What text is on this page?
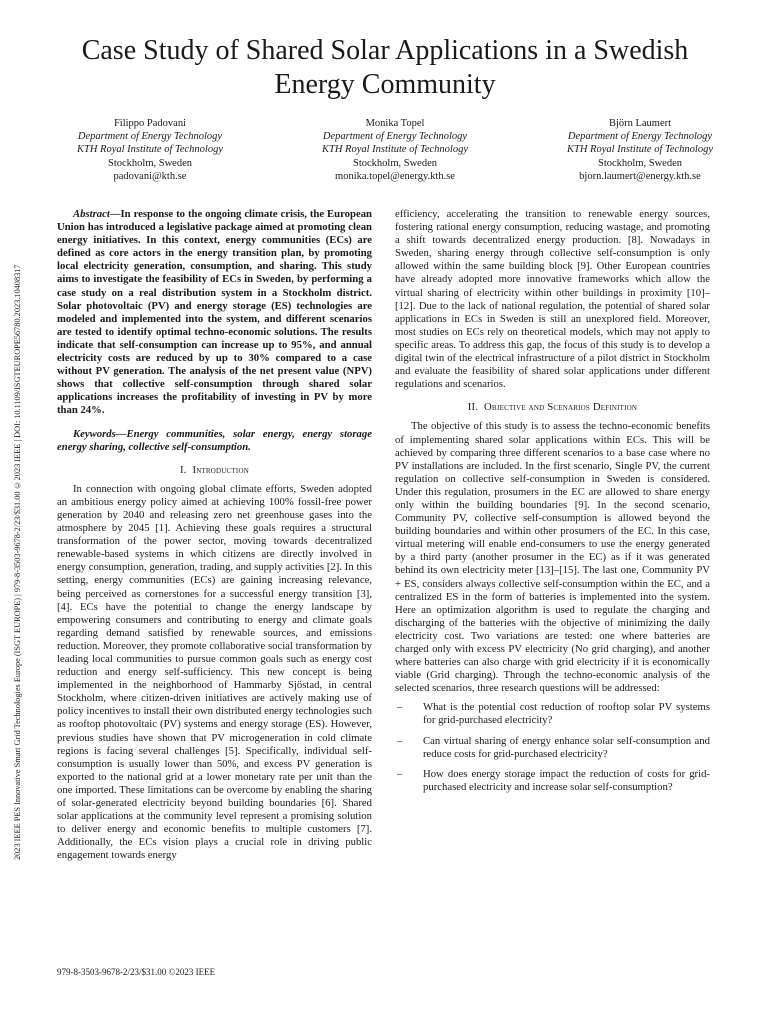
2023 IEEE PES Innovative Smart Grid Technologies Europe (ISGT EUROPE) | 979-8-3503-9678-2/23/$31.00 ©2023 IEEE | DOI: 10.1109/ISGTEUROPE56780.2023.10408317
Case Study of Shared Solar Applications in a Swedish Energy Community
Filippo Padovani
Department of Energy Technology
KTH Royal Institute of Technology
Stockholm, Sweden
padovani@kth.se
Monika Topel
Department of Energy Technology
KTH Royal Institute of Technology
Stockholm, Sweden
monika.topel@energy.kth.se
Björn Laumert
Department of Energy Technology
KTH Royal Institute of Technology
Stockholm, Sweden
bjorn.laumert@energy.kth.se

Abstract—In response to the ongoing climate crisis, the European Union has introduced a legislative package aimed at promoting clean energy initiatives. In this context, energy communities (ECs) are defined as core actors in the energy transition plan, by promoting local electricity generation, consumption, and sharing. This study aims to investigate the feasibility of ECs in Sweden, by performing a case study on a real distribution system in a Stockholm district. Solar photovoltaic (PV) and energy storage (ES) technologies are modeled and implemented into the system, and different scenarios are tested to identify optimal techno-economic solutions. The results indicate that self-consumption can increase up to 95%, and annual electricity costs are reduced by up to 30% compared to a case without PV generation. The analysis of the net present value (NPV) shows that collective self-consumption through shared solar applications increases the profitability of investing in PV by more than 24%.

Keywords—Energy communities, solar energy, energy storage energy sharing, collective self-consumption.

I. Introduction

In connection with ongoing global climate efforts, Sweden adopted an ambitious energy policy aimed at achieving 100% fossil-free power generation by 2040 and releasing zero net greenhouse gases into the atmosphere by 2045 [1]. Achieving these goals requires a structural transformation of the power sector, moving towards decentralized renewable-based systems in which citizens are directly involved in energy consumption, generation, trading, and supply activities [2]. In this setting, energy communities (ECs) are gaining increasing relevance, being perceived as cornerstones for a successful energy transition [3], [4]. ECs have the potential to change the energy landscape by empowering consumers and contributing to energy and climate goals regarding demand satisfied by renewable sources, and emissions reduction. Moreover, they promote collaborative social transformation by leading local communities to pursue common goals such as energy cost reduction and energy self-sufficiency. This new concept is being implemented in the neighborhood of Hammarby Sjöstad, in central Stockholm, where citizen-driven initiatives are actively making use of policy incentives to install their own distributed energy technologies such as rooftop photovoltaic (PV) systems and energy storage (ES). However, previous studies have shown that PV microgeneration in cold climate regions is facing several challenges [5]. Specifically, individual self-consumption is usually lower than 50%, and excess PV generation is exported to the national grid at a lower monetary rate per unit than the one imported. These limitations can be overcome by enabling the sharing of solar-generated electricity beyond building boundaries [6]. Shared solar applications at the community level represent a promising solution to deliver energy and economic benefits to multiple customers [7]. Additionally, the ECs vision plays a crucial role in driving public engagement towards energy

efficiency, accelerating the transition to renewable energy sources, fostering rational energy consumption, reducing wastage, and promoting a shift towards decentralized energy production. [8]. Nowadays in Sweden, sharing energy through collective self-consumption is only allowed within the same building block [9]. Other European countries have already adopted more innovative frameworks which allow the virtual sharing of electricity within other buildings in proximity [10]–[12]. Due to the lack of national regulation, the potential of shared solar applications in ECs in Sweden is still an unexplored field. Moreover, most studies on ECs rely on theoretical models, which may not apply to specific areas. To address this gap, the focus of this study is to develop a digital twin of the electrical infrastructure of a pilot district in Stockholm and evaluate the feasibility of shared solar applications under different regulations and scenarios.

II. Objective and Scenarios Definition

The objective of this study is to assess the techno-economic benefits of implementing shared solar applications within ECs. This will be achieved by comparing three different scenarios to a base case where no PV installations are included. In the first scenario, Single PV, the current regulation on collective self-consumption in Sweden is considered. Under this regulation, prosumers in the EC are allowed to share energy only within the building boundaries [9]. In the second scenario, Community PV, collective self-consumption is allowed beyond the building boundaries and within other prosumers of the EC. In this case, virtual metering will enable end-consumers to use the energy generated by a third party (another prosumer in the EC) as if it was generated behind its own electricity meter [13]–[15]. The last one, Community PV + ES, considers always collective self-consumption within the EC, and a centralized ES in the form of batteries is implemented into the system. Here an optimization algorithm is used to regulate the charging and discharging of the batteries with the objective of minimizing the daily electricity cost. Two variations are tested: one where batteries are charged only with excess PV electricity (No grid charging), and another where batteries can also charge with grid electricity if it is economically viable (Grid charging). Through the techno-economic analysis of the selected scenarios, three research questions will be addressed:

–	What is the potential cost reduction of rooftop solar PV systems for grid-purchased electricity?
–	Can virtual sharing of energy enhance solar self-consumption and reduce costs for grid-purchased electricity?
–	How does energy storage impact the reduction of costs for grid-purchased electricity and increase solar self-consumption?
979-8-3503-9678-2/23/$31.00 ©2023 IEEE
